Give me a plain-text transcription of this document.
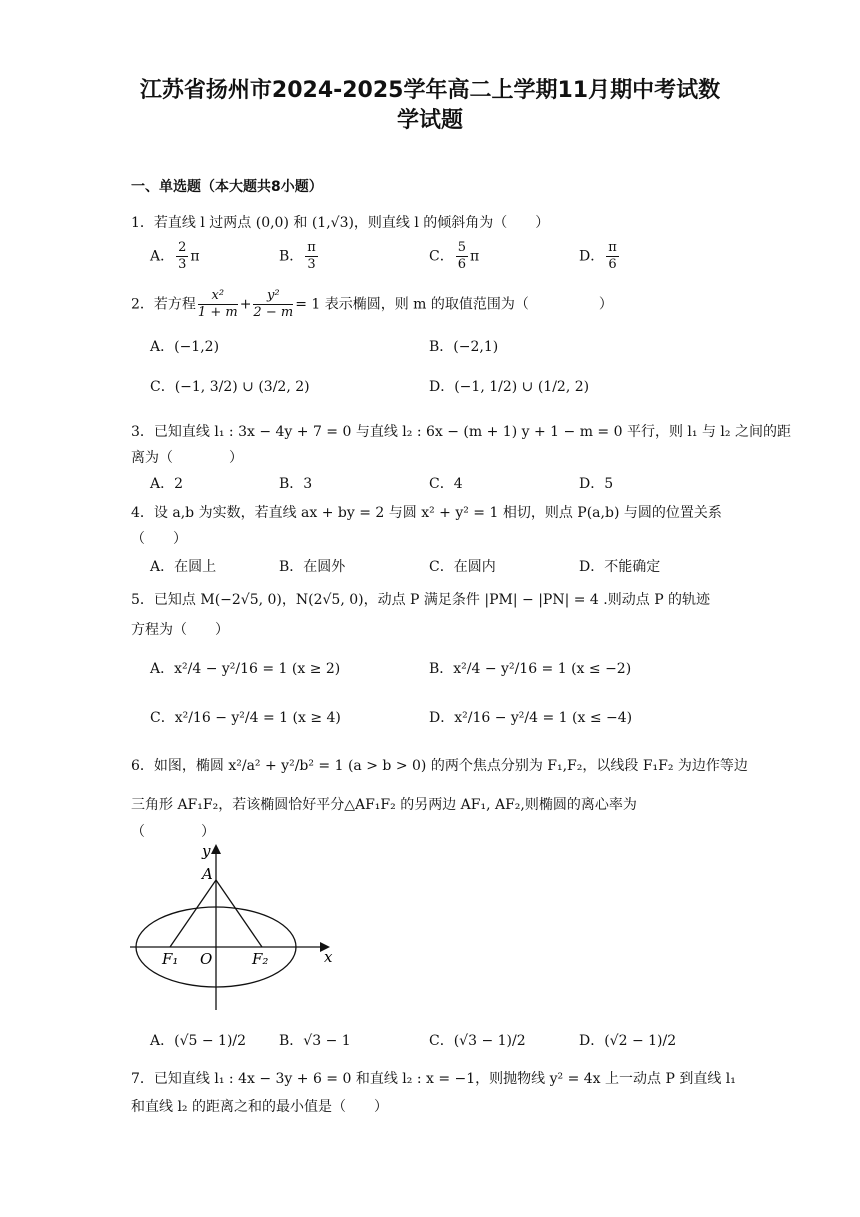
江苏省扬州市2024-2025学年高二上学期11月期中考试数
学试题
一、单选题（本大题共8小题）
1．若直线 l 过两点 (0,0) 和 (1,√3)，则直线 l 的倾斜角为（　　）
A． $\frac{2}{3}$ π	B． $\frac{\pi}{3}$	C． $\frac{5}{6}$ π	D． $\frac{\pi}{6}$
2．若方程 $\frac{\text{x²}}{1 + m} + \frac{\text{y²}}{2 - m} = 1$ 表示椭圆，则 m 的取值范围为（　　　　　）
A．(−1,2)	B．(−2,1)
C．(−1, 3/2) ∪ (3/2, 2)	D．(−1, 1/2) ∪ (1/2, 2)
3．已知直线 l₁ : 3x − 4y + 7 = 0 与直线 l₂ : 6x − (m + 1) y + 1 − m = 0 平行，则 l₁ 与 l₂ 之间的距
离为（　　　　）
A．2	B．3	C．4	D．5
4．设 a,b 为实数，若直线 ax + by = 2 与圆 x² + y² = 1 相切，则点 P(a,b) 与圆的位置关系
（　　）
A．在圆上	B．在圆外	C．在圆内	D．不能确定
5．已知点 M(−2√5, 0)，N(2√5, 0)，动点 P 满足条件 |PM| − |PN| = 4 .则动点 P 的轨迹
方程为（　　）
A．x²/4 − y²/16 = 1 (x ≥ 2)	B．x²/4 − y²/16 = 1 (x ≤ −2)
C．x²/16 − y²/4 = 1 (x ≥ 4)	D．x²/16 − y²/4 = 1 (x ≤ −4)
6．如图，椭圆 x²/a² + y²/b² = 1 (a > b > 0) 的两个焦点分别为 F₁,F₂，以线段 F₁F₂ 为边作等边
三角形 AF₁F₂，若该椭圆恰好平分△AF₁F₂ 的另两边 AF₁, AF₂,则椭圆的离心率为
（　　　　）
y
x
A
O
F₁	F₂
A．(√5 − 1)/2 B．√3 − 1	C．(√3 − 1)/2	D．(√2 − 1)/2
7．已知直线 l₁ : 4x − 3y + 6 = 0 和直线 l₂ : x = −1，则抛物线 y² = 4x 上一动点 P 到直线 l₁
和直线 l₂ 的距离之和的最小值是（　　）
